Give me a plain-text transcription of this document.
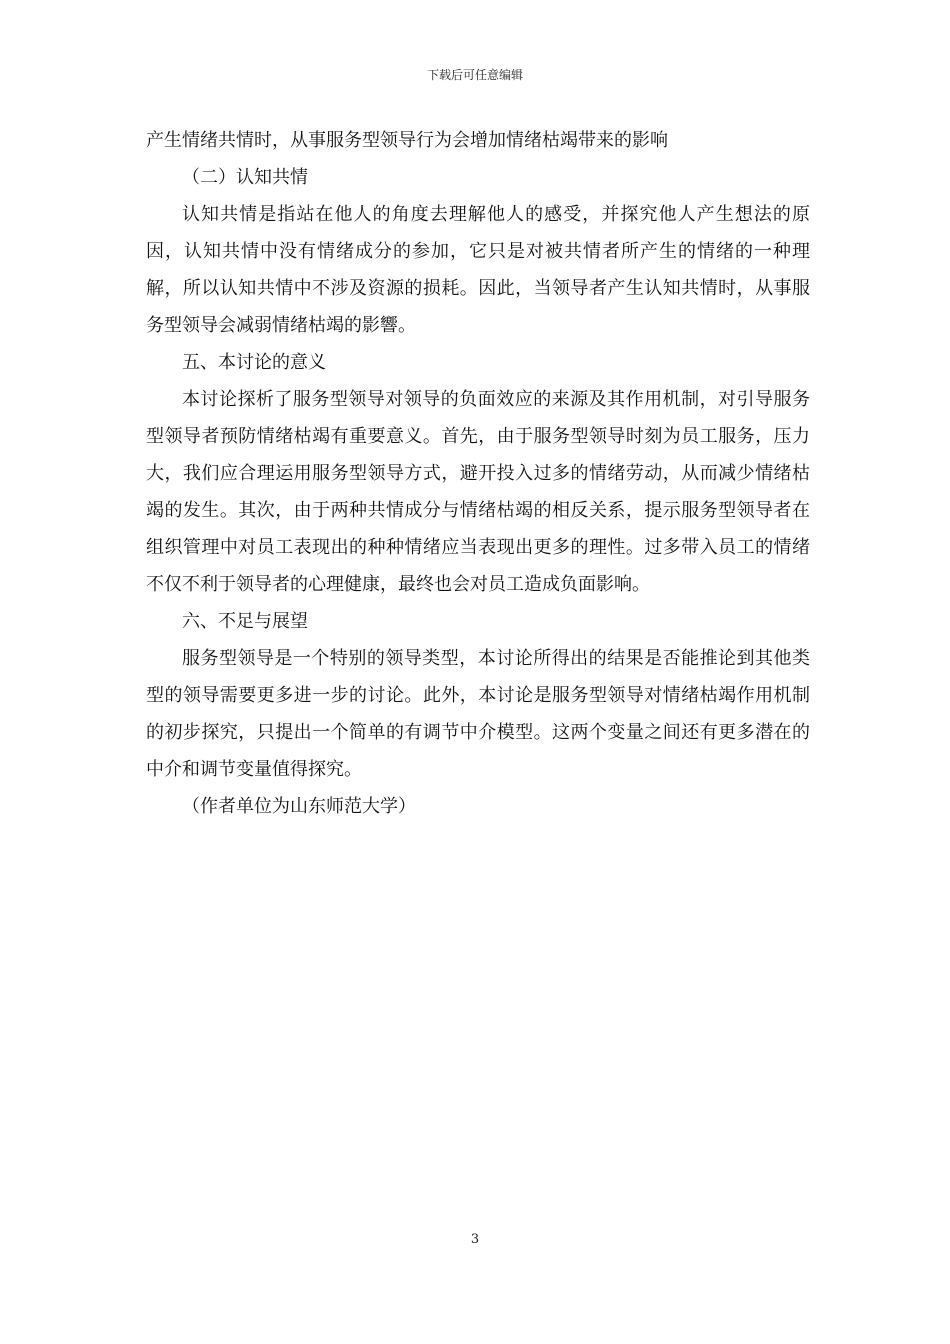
下载后可任意编辑

产生情绪共情时，从事服务型领导行为会增加情绪枯竭带来的影响

（二）认知共情

认知共情是指站在他人的角度去理解他人的感受，并探究他人产生想法的原因，认知共情中没有情绪成分的参加，它只是对被共情者所产生的情绪的一种理解，所以认知共情中不涉及资源的损耗。因此，当领导者产生认知共情时，从事服务型领导会减弱情绪枯竭的影響。

五、本讨论的意义

本讨论探析了服务型领导对领导的负面效应的来源及其作用机制，对引导服务型领导者预防情绪枯竭有重要意义。首先，由于服务型领导时刻为员工服务，压力大，我们应合理运用服务型领导方式，避开投入过多的情绪劳动，从而减少情绪枯竭的发生。其次，由于两种共情成分与情绪枯竭的相反关系，提示服务型领导者在组织管理中对员工表现出的种种情绪应当表现出更多的理性。过多带入员工的情绪不仅不利于领导者的心理健康，最终也会对员工造成负面影响。

六、不足与展望

服务型领导是一个特别的领导类型，本讨论所得出的结果是否能推论到其他类型的领导需要更多进一步的讨论。此外，本讨论是服务型领导对情绪枯竭作用机制的初步探究，只提出一个简单的有调节中介模型。这两个变量之间还有更多潜在的中介和调节变量值得探究。

（作者单位为山东师范大学）

3
